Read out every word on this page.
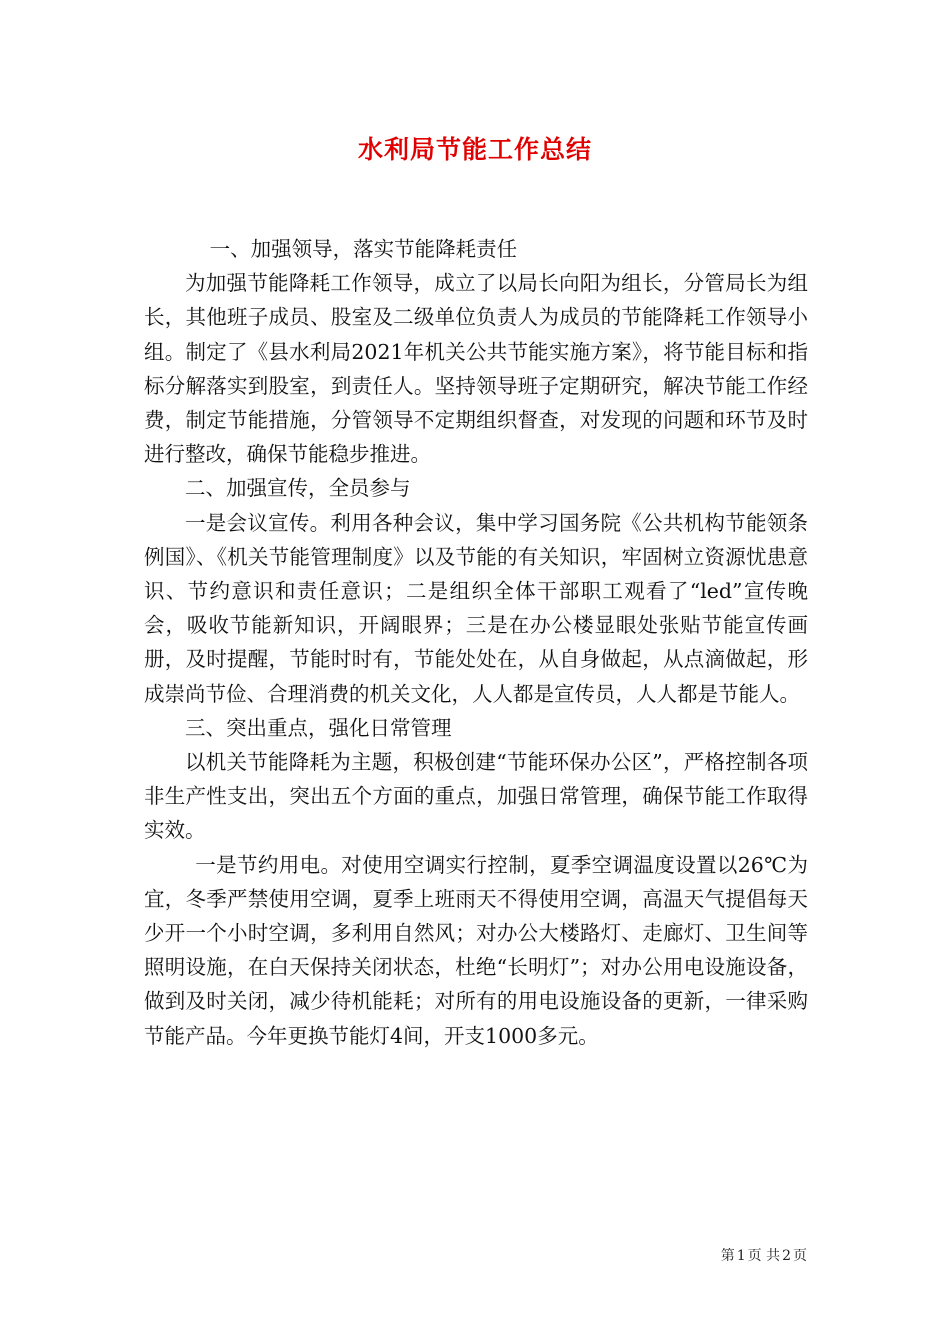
水利局节能工作总结

一、加强领导，落实节能降耗责任

为加强节能降耗工作领导，成立了以局长向阳为组长，分管局长为组长，其他班子成员、股室及二级单位负责人为成员的节能降耗工作领导小组。制定了《县水利局2021年机关公共节能实施方案》，将节能目标和指标分解落实到股室，到责任人。坚持领导班子定期研究，解决节能工作经费，制定节能措施，分管领导不定期组织督查，对发现的问题和环节及时进行整改，确保节能稳步推进。

二、加强宣传，全员参与

一是会议宣传。利用各种会议，集中学习国务院《公共机构节能领条例国》、《机关节能管理制度》以及节能的有关知识，牢固树立资源忧患意识、节约意识和责任意识；二是组织全体干部职工观看了“led”宣传晚会，吸收节能新知识，开阔眼界；三是在办公楼显眼处张贴节能宣传画册，及时提醒，节能时时有，节能处处在，从自身做起，从点滴做起，形成崇尚节俭、合理消费的机关文化，人人都是宣传员，人人都是节能人。

三、突出重点，强化日常管理

以机关节能降耗为主题，积极创建“节能环保办公区”，严格控制各项非生产性支出，突出五个方面的重点，加强日常管理，确保节能工作取得实效。

一是节约用电。对使用空调实行控制，夏季空调温度设置以26℃为宜，冬季严禁使用空调，夏季上班雨天不得使用空调，高温天气提倡每天少开一个小时空调，多利用自然风；对办公大楼路灯、走廊灯、卫生间等照明设施，在白天保持关闭状态，杜绝“长明灯”；对办公用电设施设备，做到及时关闭，减少待机能耗；对所有的用电设施设备的更新，一律采购节能产品。今年更换节能灯4间，开支1000多元。

第 1 页 共 2 页
